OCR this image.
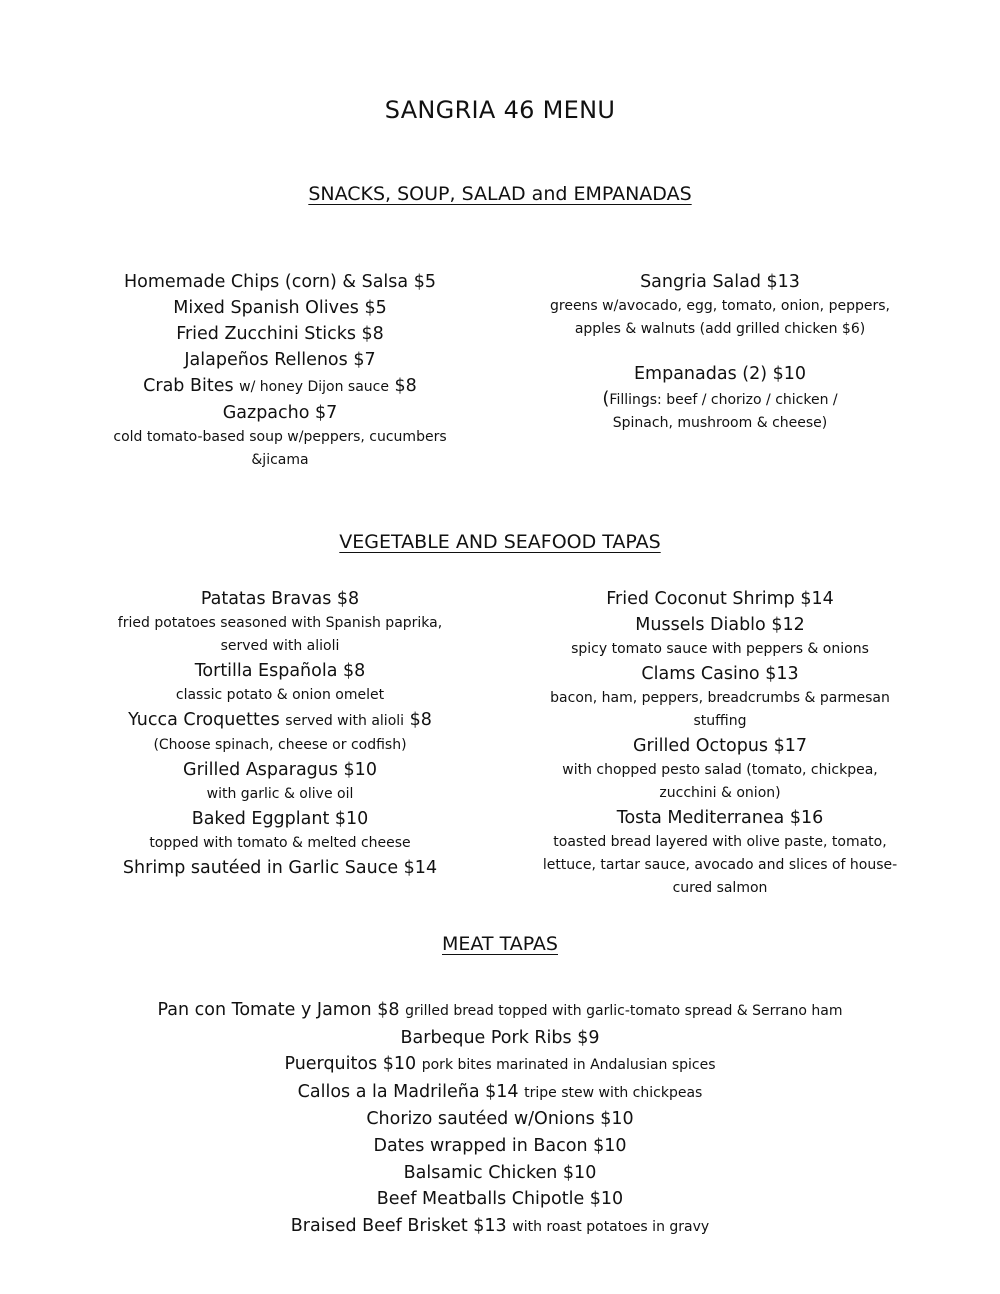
SANGRIA 46 MENU
SNACKS, SOUP, SALAD and EMPANADAS
Homemade Chips (corn) & Salsa $5
Mixed Spanish Olives $5
Fried Zucchini Sticks $8
Jalapeños Rellenos $7
Crab Bites w/ honey Dijon sauce $8
Gazpacho $7
cold tomato-based soup w/peppers, cucumbers
&jicama
Sangria Salad $13
greens w/avocado, egg, tomato, onion, peppers,
apples & walnuts (add grilled chicken $6)
Empanadas (2) $10
(Fillings: beef / chorizo / chicken /
Spinach, mushroom & cheese)
VEGETABLE AND SEAFOOD TAPAS
Patatas Bravas $8
fried potatoes seasoned with Spanish paprika,
served with alioli
Tortilla Española $8
classic potato & onion omelet
Yucca Croquettes served with alioli $8
(Choose spinach, cheese or codfish)
Grilled Asparagus $10
with garlic & olive oil
Baked Eggplant $10
topped with tomato & melted cheese
Shrimp sautéed in Garlic Sauce $14
Fried Coconut Shrimp $14
Mussels Diablo $12
spicy tomato sauce with peppers & onions
Clams Casino $13
bacon, ham, peppers, breadcrumbs & parmesan
stuffing
Grilled Octopus $17
with chopped pesto salad (tomato, chickpea,
zucchini & onion)
Tosta Mediterranea $16
toasted bread layered with olive paste, tomato,
lettuce, tartar sauce, avocado and slices of house-
cured salmon
MEAT TAPAS
Pan con Tomate y Jamon $8 grilled bread topped with garlic-tomato spread & Serrano ham
Barbeque Pork Ribs $9
Puerquitos $10 pork bites marinated in Andalusian spices
Callos a la Madrileña $14 tripe stew with chickpeas
Chorizo sautéed w/Onions $10
Dates wrapped in Bacon $10
Balsamic Chicken $10
Beef Meatballs Chipotle $10
Braised Beef Brisket $13 with roast potatoes in gravy
